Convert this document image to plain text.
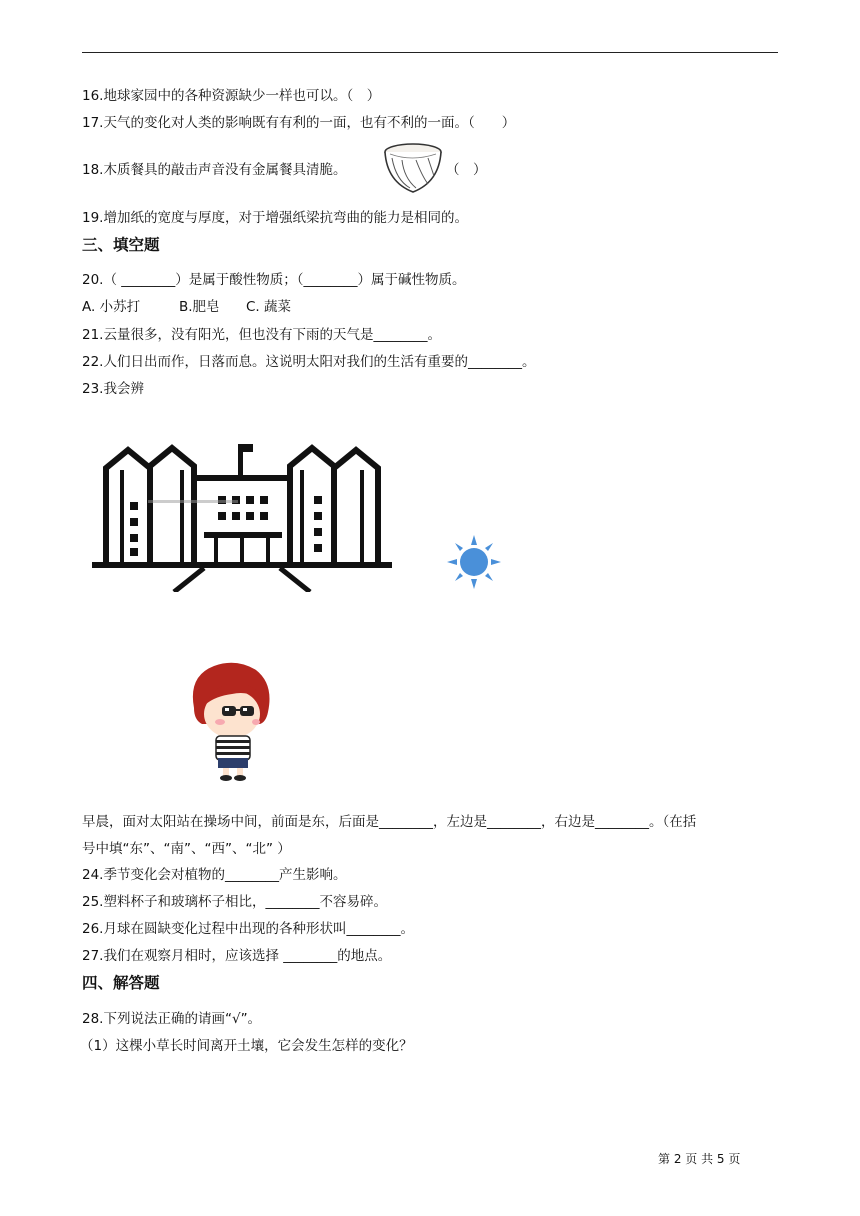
16.地球家园中的各种资源缺少一样也可以。（　）
17.天气的变化对人类的影响既有有利的一面，也有不利的一面。（　　）
18.木质餐具的敲击声音没有金属餐具清脆。	（　）
19.增加纸的宽度与厚度，对于增强纸梁抗弯曲的能力是相同的。
三、填空题
20.（ ________）是属于酸性物质；（________）属于碱性物质。
A. 小苏打	B.肥皂 C. 蔬菜
21.云量很多，没有阳光，但也没有下雨的天气是________。
22.人们日出而作，日落而息。这说明太阳对我们的生活有重要的________。
23.我会辨
早晨，面对太阳站在操场中间，前面是东，后面是________，左边是________，右边是________。（在括
号中填“东”、“南”、“西”、“北” ）
24.季节变化会对植物的________产生影响。
25.塑料杯子和玻璃杯子相比，________不容易碎。
26.月球在圆缺变化过程中出现的各种形状叫________。
27.我们在观察月相时，应该选择 ________的地点。
四、解答题
28.下列说法正确的请画“√”。
（1）这棵小草长时间离开土壤，它会发生怎样的变化？
第 2 页 共 5 页
